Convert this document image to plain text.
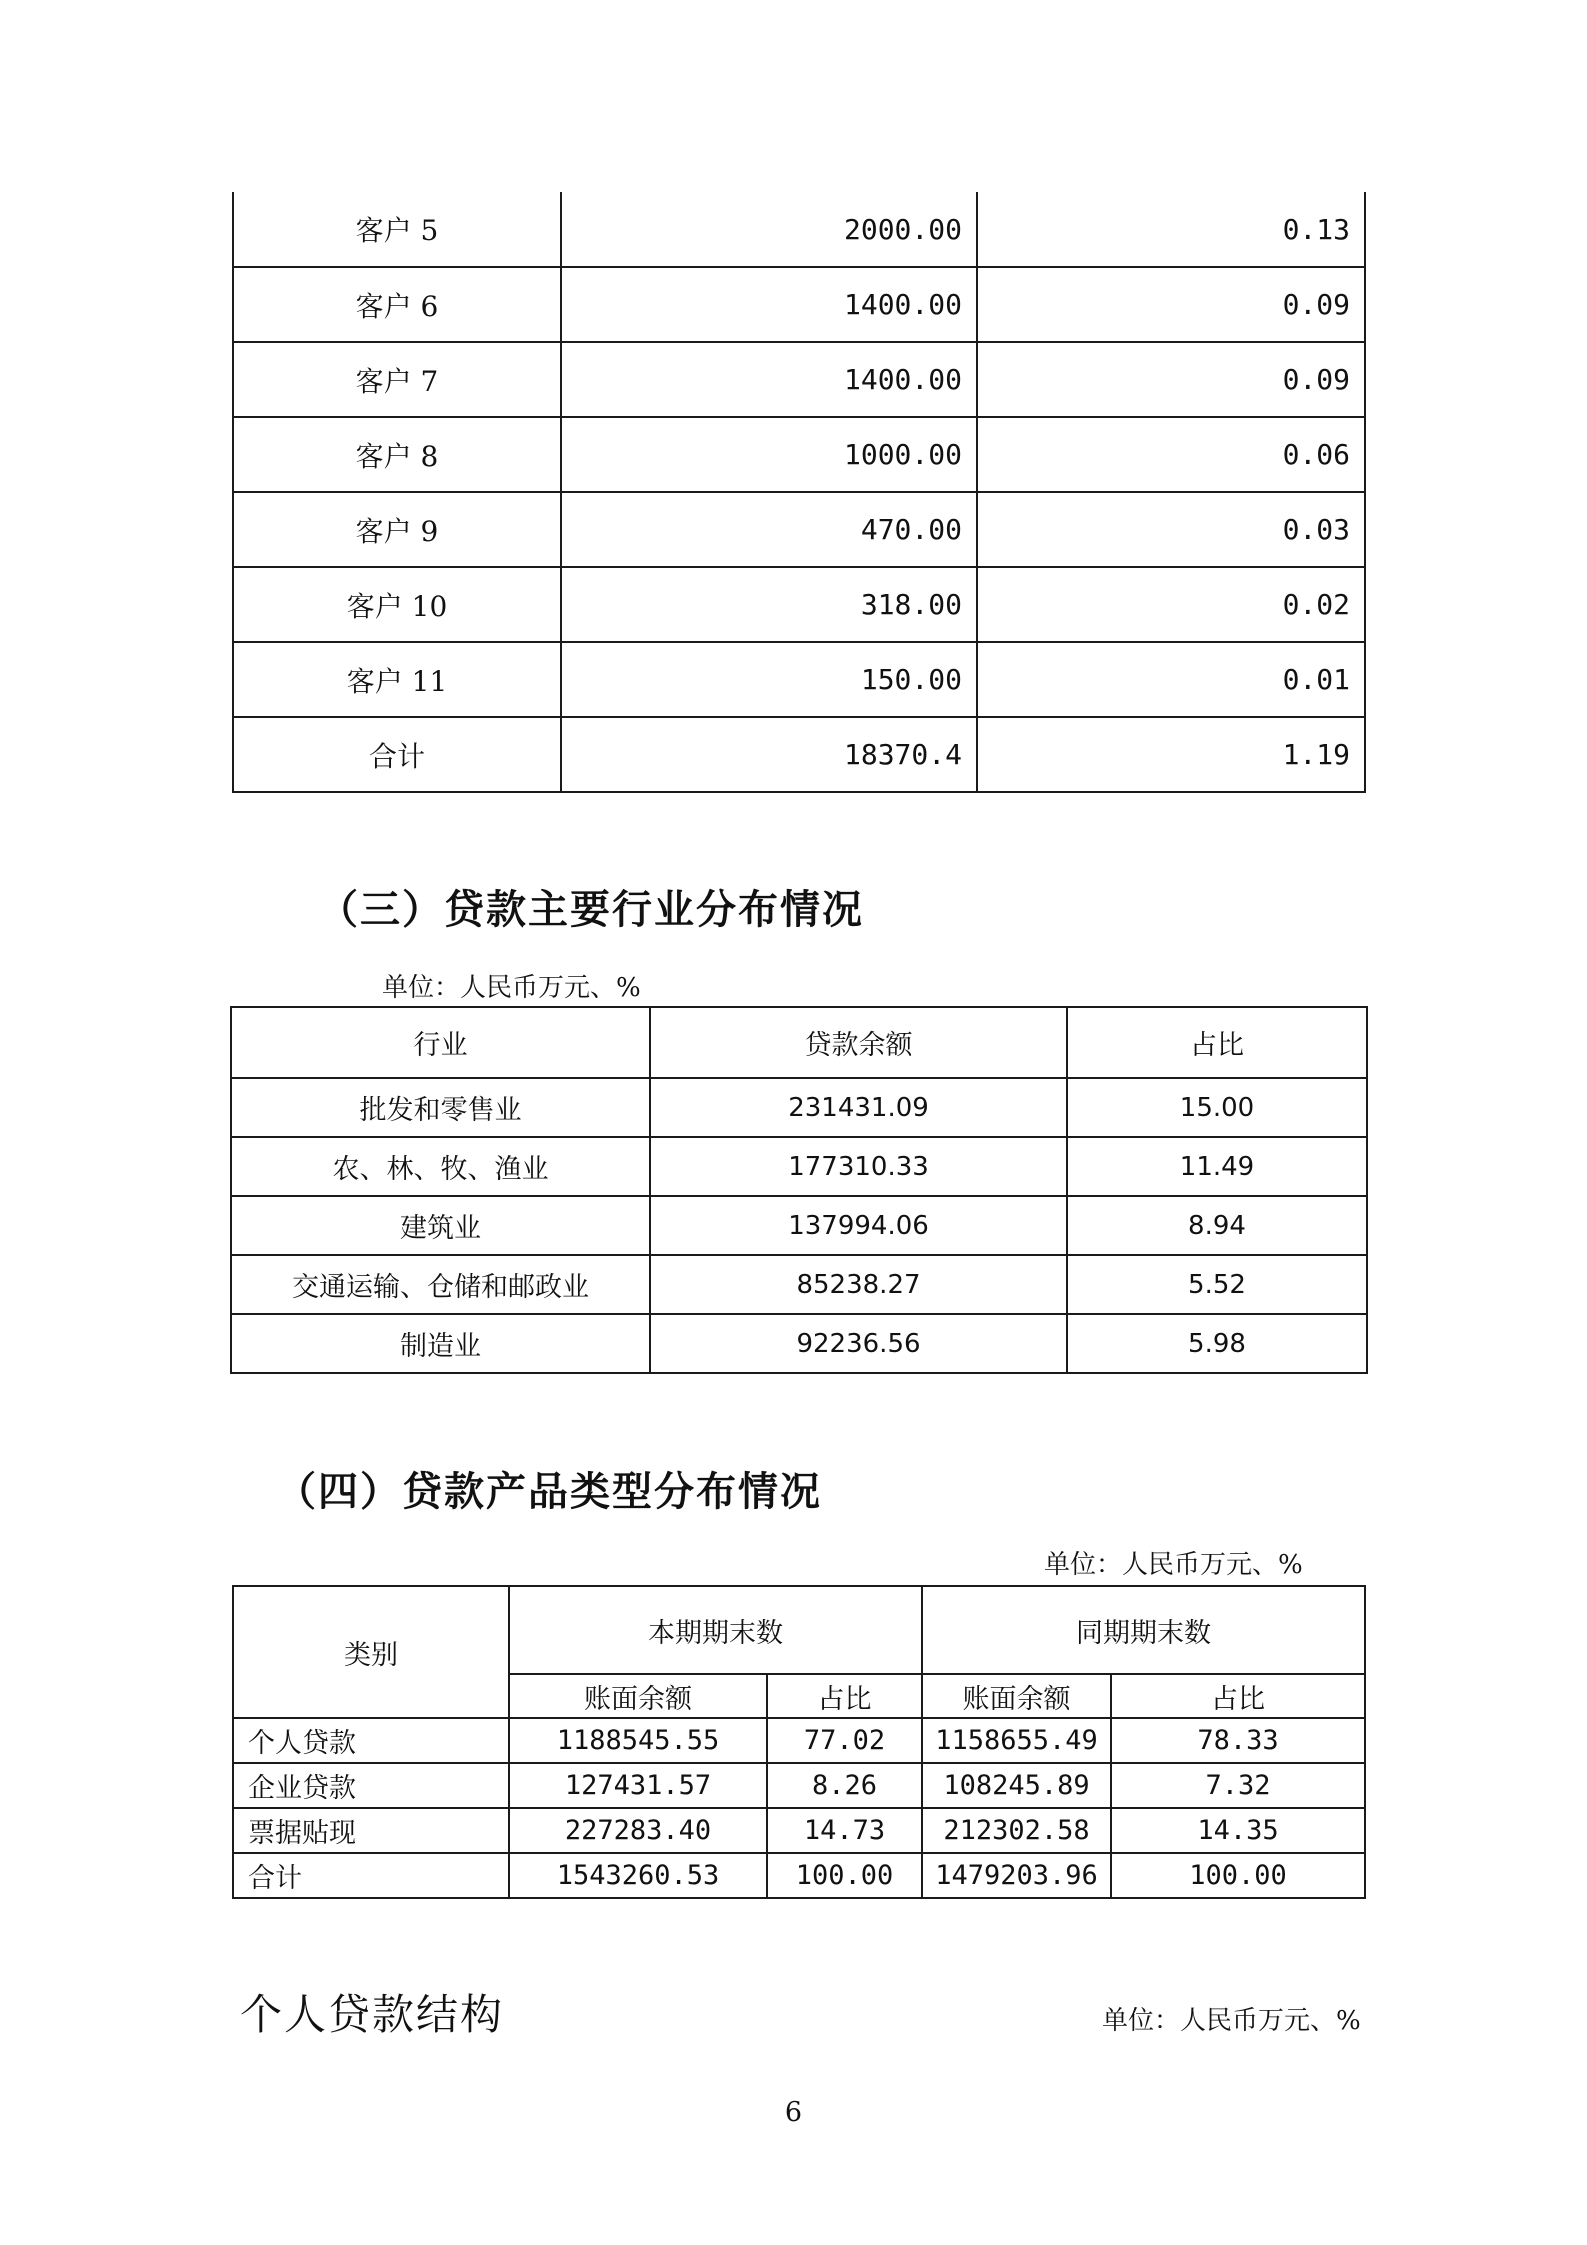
客户 5	2000.00	0.13
客户 6	1400.00	0.09
客户 7	1400.00	0.09
客户 8	1000.00	0.06
客户 9	470.00	0.03
客户 10	318.00	0.02
客户 11	150.00	0.01
合计	18370.4	1.19
（三）贷款主要行业分布情况
单位：人民币万元、%
行业	贷款余额	占比
批发和零售业	231431.09	15.00
农、林、牧、渔业	177310.33	11.49
建筑业	137994.06	8.94
交通运输、仓储和邮政业	85238.27	5.52
制造业	92236.56	5.98
（四）贷款产品类型分布情况
单位：人民币万元、%
类别	本期期末数		同期期末数	
	账面余额	占比	账面余额	占比
个人贷款	1188545.55	77.02	1158655.49	78.33
企业贷款	127431.57	8.26	108245.89	7.32
票据贴现	227283.40	14.73	212302.58	14.35
合计	1543260.53	100.00	1479203.96	100.00
个人贷款结构	单位：人民币万元、%
6
